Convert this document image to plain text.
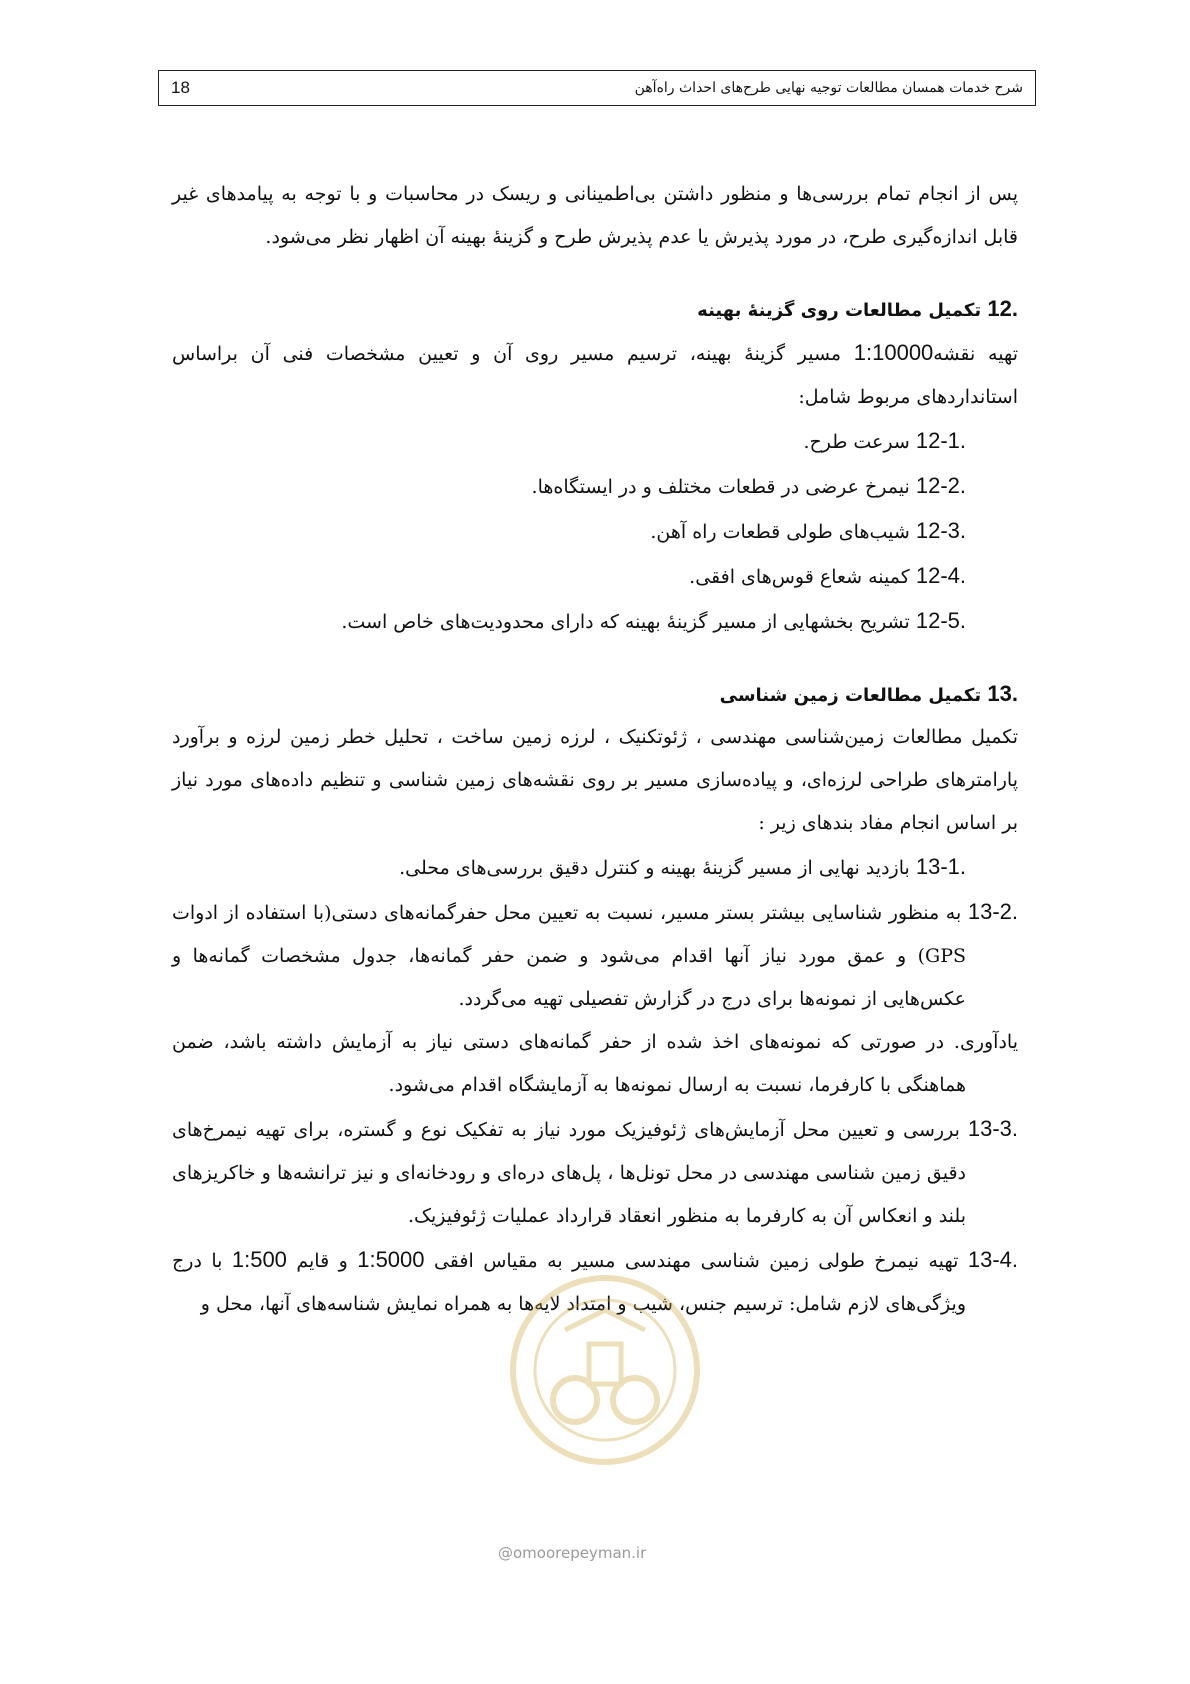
شرح خدمات همسان مطالعات توجیه نهایی طرح‌های احداث راه‌آهن
18

پس از انجام تمام بررسی‌ها و منظور داشتن بی‌اطمینانی و ریسک در محاسبات و با توجه به پیامدهای غیر قابل اندازه‌گیری طرح، در مورد پذیرش یا عدم پذیرش طرح و گزینهٔ بهینه آن اظهار نظر می‌شود.

12. تکمیل مطالعات روی گزینهٔ بهینه

تهیه نقشه1:10000 مسیر گزینهٔ بهینه، ترسیم مسیر روی آن و تعیین مشخصات فنی آن براساس استانداردهای مربوط شامل:

12-1. سرعت طرح.

12-2. نیمرخ عرضی در قطعات مختلف و در ایستگاه‌ها.

12-3. شیب‌های طولی قطعات راه آهن.

12-4. کمینه شعاع قوس‌های افقی.

12-5. تشریح بخشهایی از مسیر گزینهٔ بهینه که دارای محدودیت‌های خاص است.

13. تکمیل مطالعات زمین شناسی

تکمیل مطالعات زمین‌شناسی مهندسی ، ژئوتکنیک ، لرزه زمین ساخت ، تحلیل خطر زمین لرزه و برآورد پارامترهای طراحی لرزه‌ای، و پیاده‌سازی مسیر بر روی نقشه‌های زمین شناسی و تنظیم داده‌های مورد نیاز بر اساس انجام مفاد بندهای زیر :

13-1. بازدید نهایی از مسیر گزینهٔ بهینه و کنترل دقیق بررسی‌های محلی.

13-2. به منظور شناسایی بیشتر بستر مسیر، نسبت به تعیین محل حفرگمانه‌های دستی(با استفاده از ادوات GPS) و عمق مورد نیاز آنها اقدام می‌شود و ضمن حفر گمانه‌ها، جدول مشخصات گمانه‌ها و عکس‌هایی از نمونه‌ها برای درج در گزارش تفصیلی تهیه می‌گردد.

یادآوری. در صورتی که نمونه‌های اخذ شده از حفر گمانه‌های دستی نیاز به آزمایش داشته باشد، ضمن هماهنگی با کارفرما، نسبت به ارسال نمونه‌ها به آزمایشگاه اقدام می‌شود.

13-3. بررسی و تعیین محل آزمایش‌های ژئوفیزیک مورد نیاز به تفکیک نوع و گستره، برای تهیه نیمرخ‌های دقیق زمین شناسی مهندسی در محل تونل‌ها ، پل‌های دره‌ای و رودخانه‌ای و نیز ترانشه‌ها و خاکریزهای بلند و انعکاس آن به کارفرما به منظور انعقاد قرارداد عملیات ژئوفیزیک.

13-4. تهیه نیمرخ طولی زمین شناسی مهندسی مسیر به مقیاس افقی 1:5000 و قایم 1:500 با درج ویژگی‌های لازم شامل: ترسیم جنس، شیب و امتداد لایه‌ها به همراه نمایش شناسه‌های آنها، محل و

@omoorepeyman.ir
